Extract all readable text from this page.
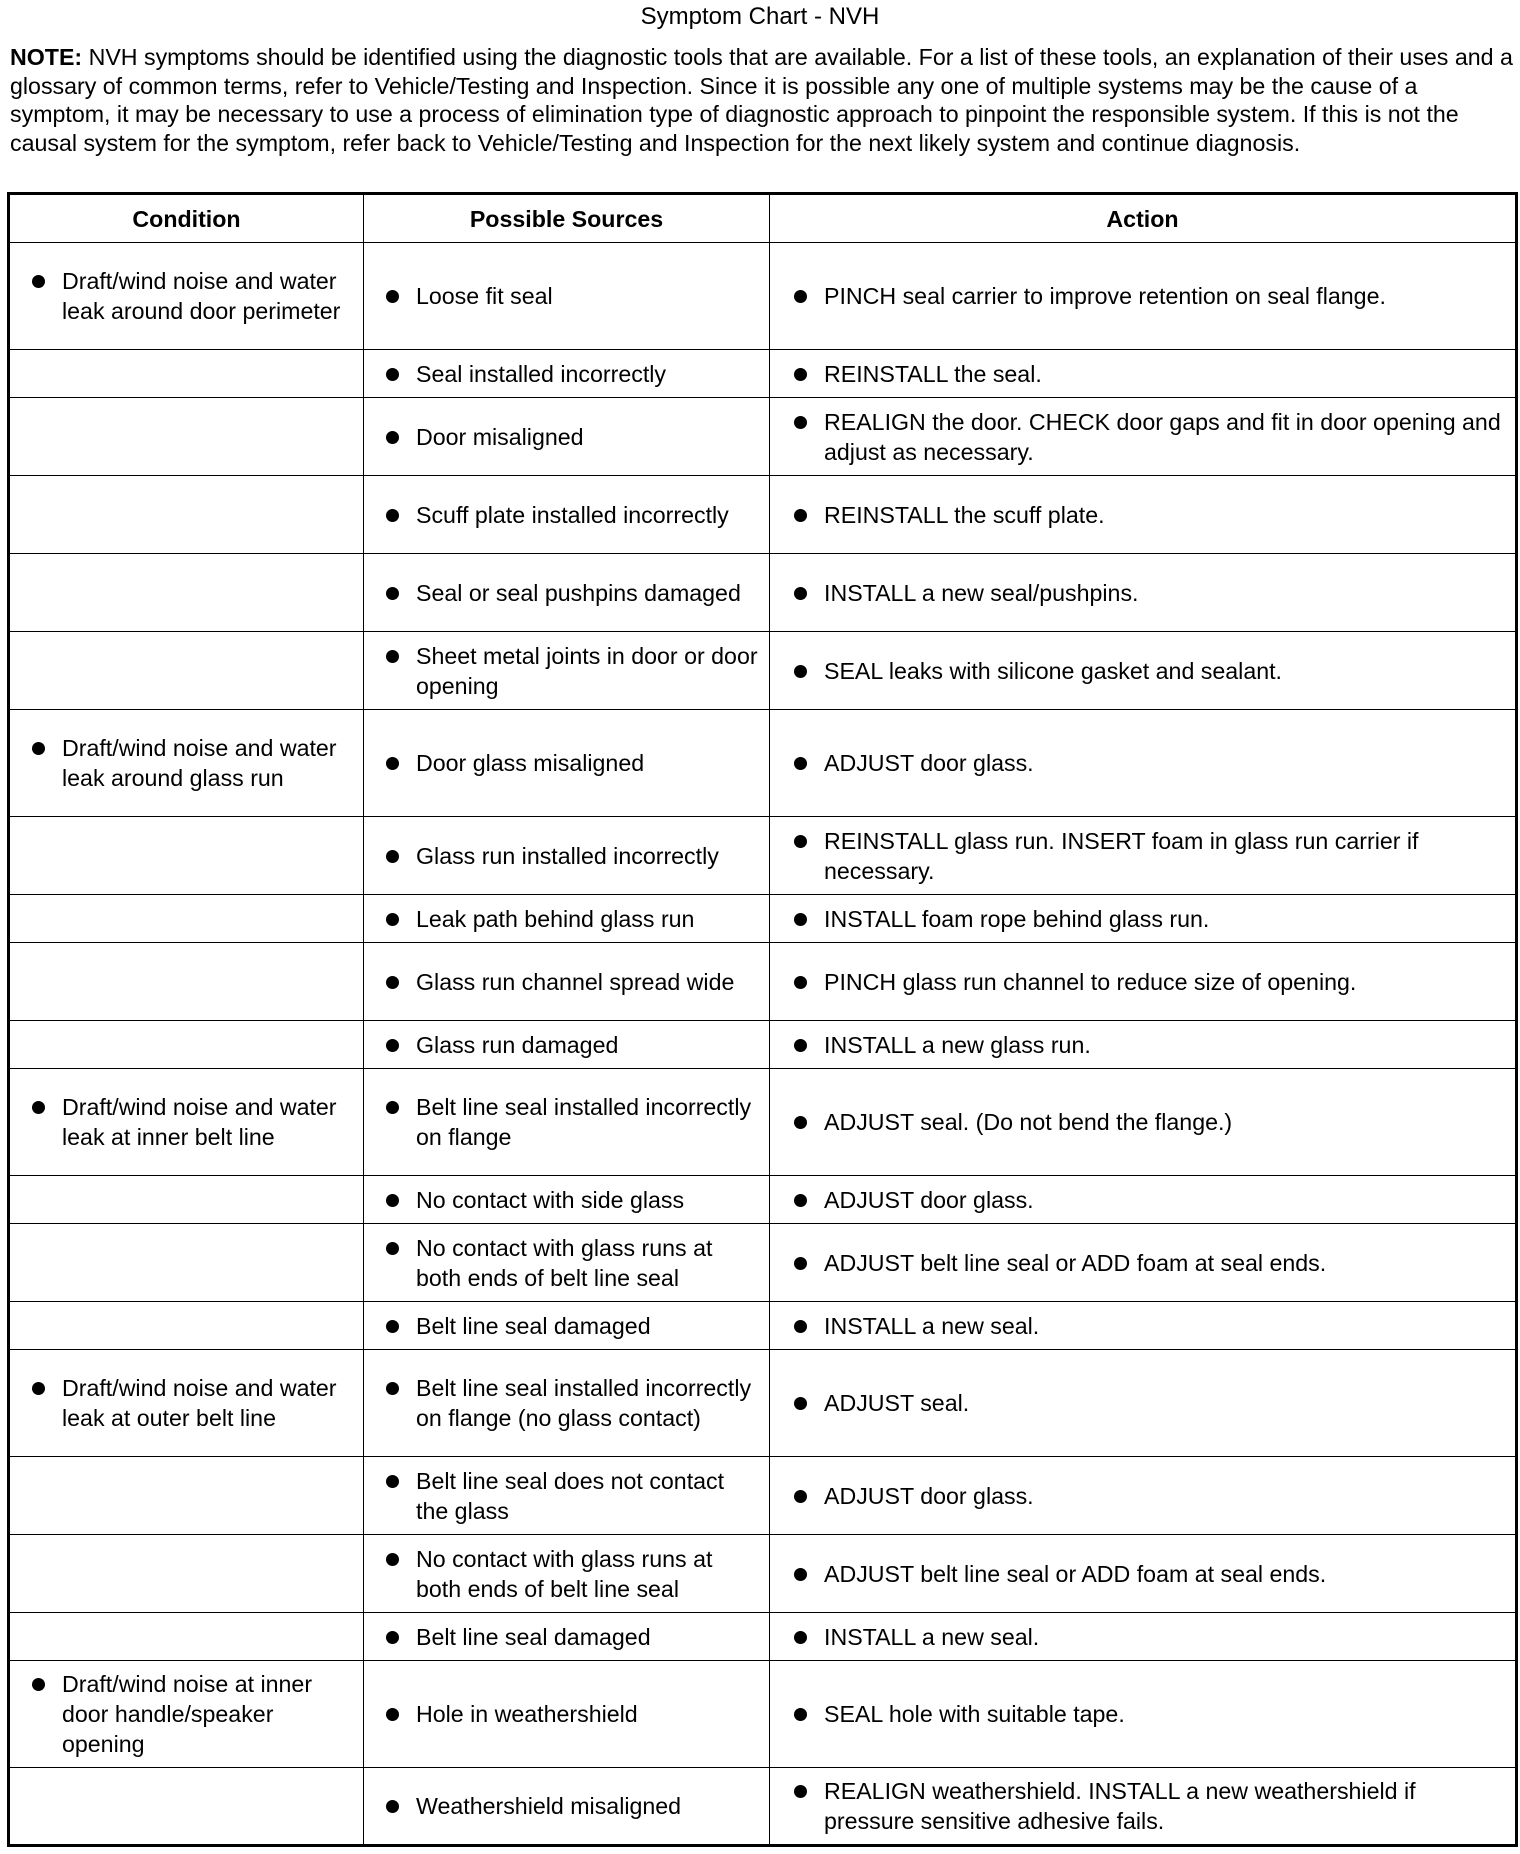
Symptom Chart - NVH
NOTE: NVH symptoms should be identified using the diagnostic tools that are available. For a list of these tools, an explanation of their uses and a glossary of common terms, refer to Vehicle/Testing and Inspection. Since it is possible any one of multiple systems may be the cause of a symptom, it may be necessary to use a process of elimination type of diagnostic approach to pinpoint the responsible system. If this is not the causal system for the symptom, refer back to Vehicle/Testing and Inspection for the next likely system and continue diagnosis.
Condition	Possible Sources	Action

Draft/wind noise and water leak around door perimeter	Loose fit seal	PINCH seal carrier to improve retention on seal flange.

	Seal installed incorrectly	REINSTALL the seal.

	Door misaligned	REALIGN the door. CHECK door gaps and fit in door opening and adjust as necessary.

	Scuff plate installed incorrectly	REINSTALL the scuff plate.

	Seal or seal pushpins damaged	INSTALL a new seal/pushpins.

	Sheet metal joints in door or door opening	SEAL leaks with silicone gasket and sealant.

Draft/wind noise and water leak around glass run	Door glass misaligned	ADJUST door glass.

	Glass run installed incorrectly	REINSTALL glass run. INSERT foam in glass run carrier if necessary.

	Leak path behind glass run	INSTALL foam rope behind glass run.

	Glass run channel spread wide	PINCH glass run channel to reduce size of opening.

	Glass run damaged	INSTALL a new glass run.

Draft/wind noise and water leak at inner belt line	Belt line seal installed incorrectly on flange	ADJUST seal. (Do not bend the flange.)

	No contact with side glass	ADJUST door glass.

	No contact with glass runs at both ends of belt line seal	ADJUST belt line seal or ADD foam at seal ends.

	Belt line seal damaged	INSTALL a new seal.

Draft/wind noise and water leak at outer belt line	Belt line seal installed incorrectly on flange (no glass contact)	ADJUST seal.

	Belt line seal does not contact the glass	ADJUST door glass.

	No contact with glass runs at both ends of belt line seal	ADJUST belt line seal or ADD foam at seal ends.

	Belt line seal damaged	INSTALL a new seal.

Draft/wind noise at inner door handle/speaker opening	Hole in weathershield	SEAL hole with suitable tape.

	Weathershield misaligned	REALIGN weathershield. INSTALL a new weathershield if pressure sensitive adhesive fails.
